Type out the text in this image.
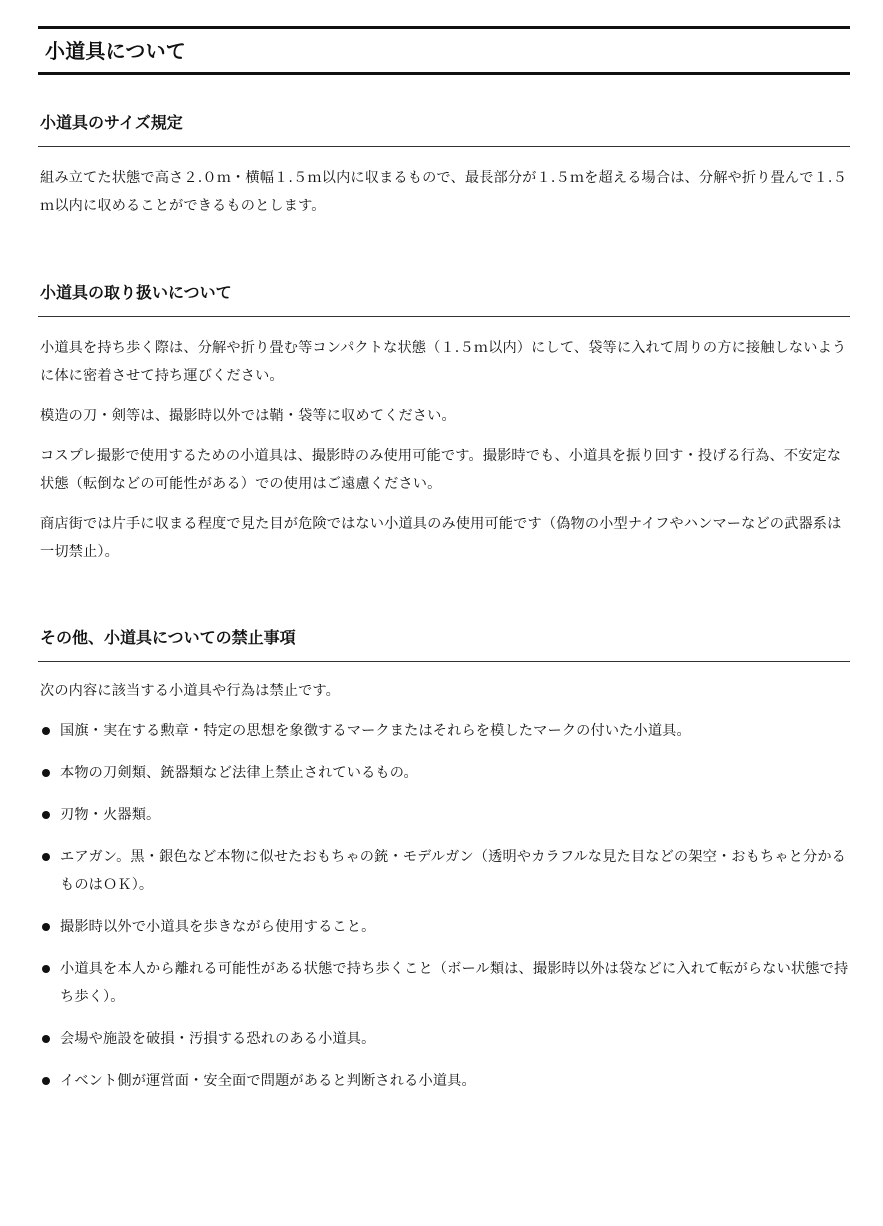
小道具について
小道具のサイズ規定

組み立てた状態で高さ２.０ｍ・横幅１.５ｍ以内に収まるもので、最長部分が１.５ｍを超える場合は、分解や折り畳んで１.５ｍ以内に収めることができるものとします。

小道具の取り扱いについて

小道具を持ち歩く際は、分解や折り畳む等コンパクトな状態（１.５ｍ以内）にして、袋等に入れて周りの方に接触しないように体に密着させて持ち運びください。

模造の刀・剣等は、撮影時以外では鞘・袋等に収めてください。

コスプレ撮影で使用するための小道具は、撮影時のみ使用可能です。撮影時でも、小道具を振り回す・投げる行為、不安定な状態（転倒などの可能性がある）での使用はご遠慮ください。

商店街では片手に収まる程度で見た目が危険ではない小道具のみ使用可能です（偽物の小型ナイフやハンマーなどの武器系は一切禁止）。

その他、小道具についての禁止事項

次の内容に該当する小道具や行為は禁止です。

国旗・実在する勲章・特定の思想を象徴するマークまたはそれらを模したマークの付いた小道具。
本物の刀剣類、銃器類など法律上禁止されているもの。
刃物・火器類。
エアガン。黒・銀色など本物に似せたおもちゃの銃・モデルガン（透明やカラフルな見た目などの架空・おもちゃと分かるものはＯＫ）。
撮影時以外で小道具を歩きながら使用すること。
小道具を本人から離れる可能性がある状態で持ち歩くこと（ボール類は、撮影時以外は袋などに入れて転がらない状態で持ち歩く）。
会場や施設を破損・汚損する恐れのある小道具。
イベント側が運営面・安全面で問題があると判断される小道具。
